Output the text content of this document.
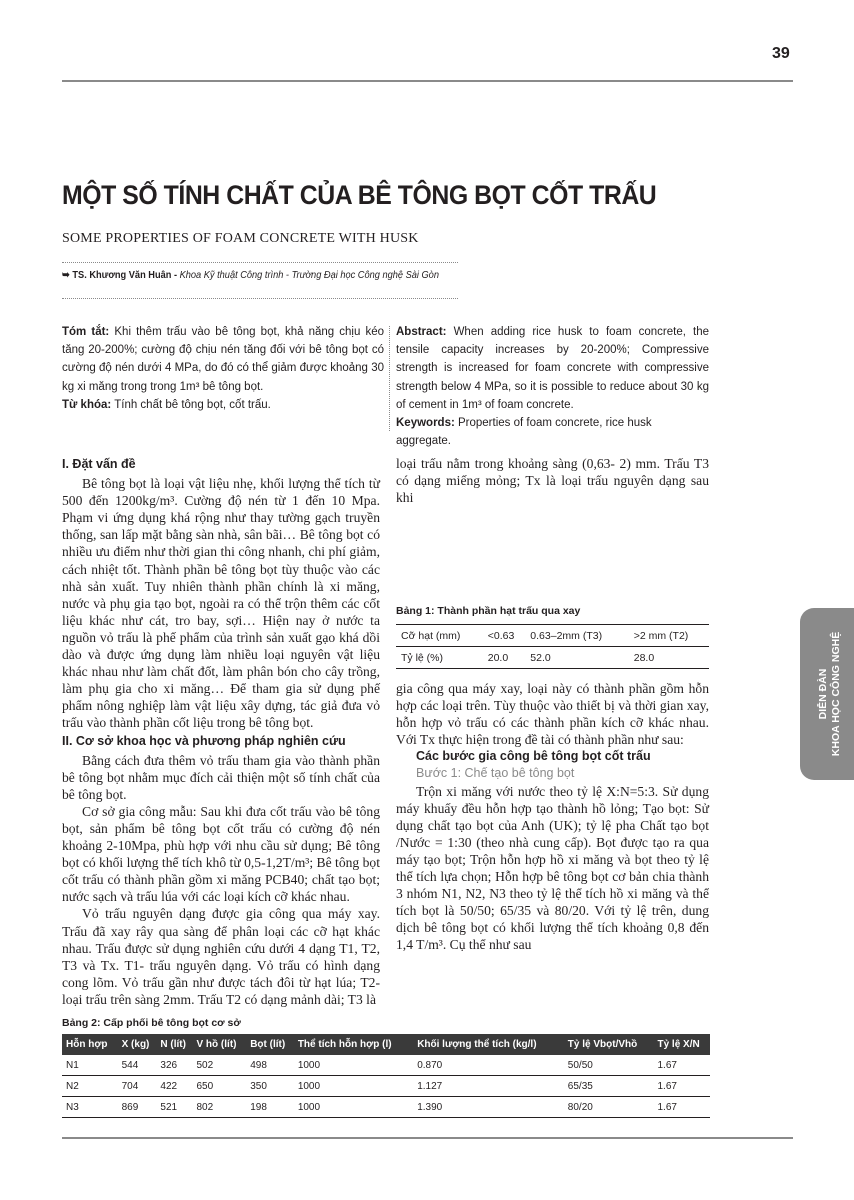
39
MỘT SỐ TÍNH CHẤT CỦA BÊ TÔNG BỌT CỐT TRẤU
SOME PROPERTIES OF FOAM CONCRETE WITH HUSK
➥ TS. Khương Văn Huân - Khoa Kỹ thuật Công trình - Trường Đại học Công nghệ Sài Gòn
Tóm tắt: Khi thêm trấu vào bê tông bọt, khả năng chịu kéo tăng 20-200%; cường độ chịu nén tăng đối với bê tông bọt có cường độ nén dưới 4 MPa, do đó có thể giảm được khoảng 30 kg xi măng trong trong 1m³ bê tông bọt.
Từ khóa: Tính chất bê tông bọt, cốt trấu.
Abstract: When adding rice husk to foam concrete, the tensile capacity increases by 20-200%; Compressive strength is increased for foam concrete with compressive strength below 4 MPa, so it is possible to reduce about 30 kg of cement in 1m³ of foam concrete.
Keywords: Properties of foam concrete, rice husk aggregate.
I. Đặt vấn đề

Bê tông bọt là loại vật liệu nhẹ, khối lượng thể tích từ 500 đến 1200kg/m³. Cường độ nén từ 1 đến 10 Mpa. Phạm vi ứng dụng khá rộng như thay tường gạch truyền thống, san lấp mặt bằng sàn nhà, sân bãi… Bê tông bọt có nhiều ưu điểm như thời gian thi công nhanh, chi phí giảm, cách nhiệt tốt. Thành phần bê tông bọt tùy thuộc vào các nhà sản xuất. Tuy nhiên thành phần chính là xi măng, nước và phụ gia tạo bọt, ngoài ra có thể trộn thêm các cốt liệu khác như cát, tro bay, sợi… Hiện nay ở nước ta nguồn vỏ trấu là phế phẩm của trình sản xuất gạo khá dồi dào và được ứng dụng làm nhiều loại nguyên vật liệu khác nhau như làm chất đốt, làm phân bón cho cây trồng, làm phụ gia cho xi măng… Để tham gia sử dụng phế phẩm nông nghiệp làm vật liệu xây dựng, tác giả đưa vỏ trấu vào thành phần cốt liệu trong bê tông bọt.

II. Cơ sở khoa học và phương pháp nghiên cứu

Bằng cách đưa thêm vỏ trấu tham gia vào thành phần bê tông bọt nhằm mục đích cải thiện một số tính chất của bê tông bọt.

Cơ sở gia công mẫu: Sau khi đưa cốt trấu vào bê tông bọt, sản phẩm bê tông bọt cốt trấu có cường độ nén khoảng 2-10Mpa, phù hợp với nhu cầu sử dụng; Bê tông bọt có khối lượng thể tích khô từ 0,5-1,2T/m³; Bê tông bọt cốt trấu có thành phần gồm xi măng PCB40; chất tạo bọt; nước sạch và trấu lúa với các loại kích cỡ khác nhau.

Vỏ trấu nguyên dạng được gia công qua máy xay. Trấu đã xay rây qua sàng để phân loại các cỡ hạt khác nhau. Trấu được sử dụng nghiên cứu dưới 4 dạng T1, T2, T3 và Tx. T1- trấu nguyên dạng. Vỏ trấu có hình dạng cong lõm. Vỏ trấu gần như được tách đôi từ hạt lúa; T2- loại trấu trên sàng 2mm. Trấu T2 có dạng mảnh dài; T3 là

Bảng 1: Thành phần hạt trấu qua xay
Cỡ hạt (mm)	<0.63	0.63–2mm (T3)	>2 mm (T2)
Tỷ lệ (%)	20.0	52.0	28.0

gia công qua máy xay, loại này có thành phần gồm hỗn hợp các loại trên. Tùy thuộc vào thiết bị và thời gian xay, hỗn hợp vỏ trấu có các thành phần kích cỡ khác nhau. Với Tx thực hiện trong đề tài có thành phần như sau:

Các bước gia công bê tông bọt cốt trấu
Bước 1: Chế tạo bê tông bọt

Trộn xi măng với nước theo tỷ lệ X:N=5:3. Sử dụng máy khuấy đều hỗn hợp tạo thành hồ lỏng; Tạo bọt: Sử dụng chất tạo bọt của Anh (UK); tỷ lệ pha Chất tạo bọt /Nước = 1:30 (theo nhà cung cấp). Bọt được tạo ra qua máy tạo bọt; Trộn hỗn hợp hồ xi măng và bọt theo tỷ lệ thể tích lựa chọn; Hỗn hợp bê tông bọt cơ bản chia thành 3 nhóm N1, N2, N3 theo tỷ lệ thể tích hồ xi măng và thể tích bọt là 50/50; 65/35 và 80/20. Với tỷ lệ trên, dung dịch bê tông bọt có khối lượng thể tích khoảng 0,8 đến 1,4 T/m³. Cụ thể như sau

Bảng 2: Cấp phối bê tông bọt cơ sở
Hỗn hợp	X (kg)	N (lít)	V hồ (lít)	Bọt (lít)	Thể tích hỗn hợp (l)	Khối lượng thể tích (kg/l)	Tỷ lệ Vbọt/Vhồ	Tỷ lệ X/N
N1	544	326	502	498	1000	0.870	50/50	1.67
N2	704	422	650	350	1000	1.127	65/35	1.67
N3	869	521	802	198	1000	1.390	80/20	1.67
DIỄN ĐÀN KHOA HỌC CÔNG NGHỆ

loại trấu nằm trong khoảng sàng (0,63- 2) mm. Trấu T3 có dạng miếng mỏng; Tx là loại trấu nguyên dạng sau khi
